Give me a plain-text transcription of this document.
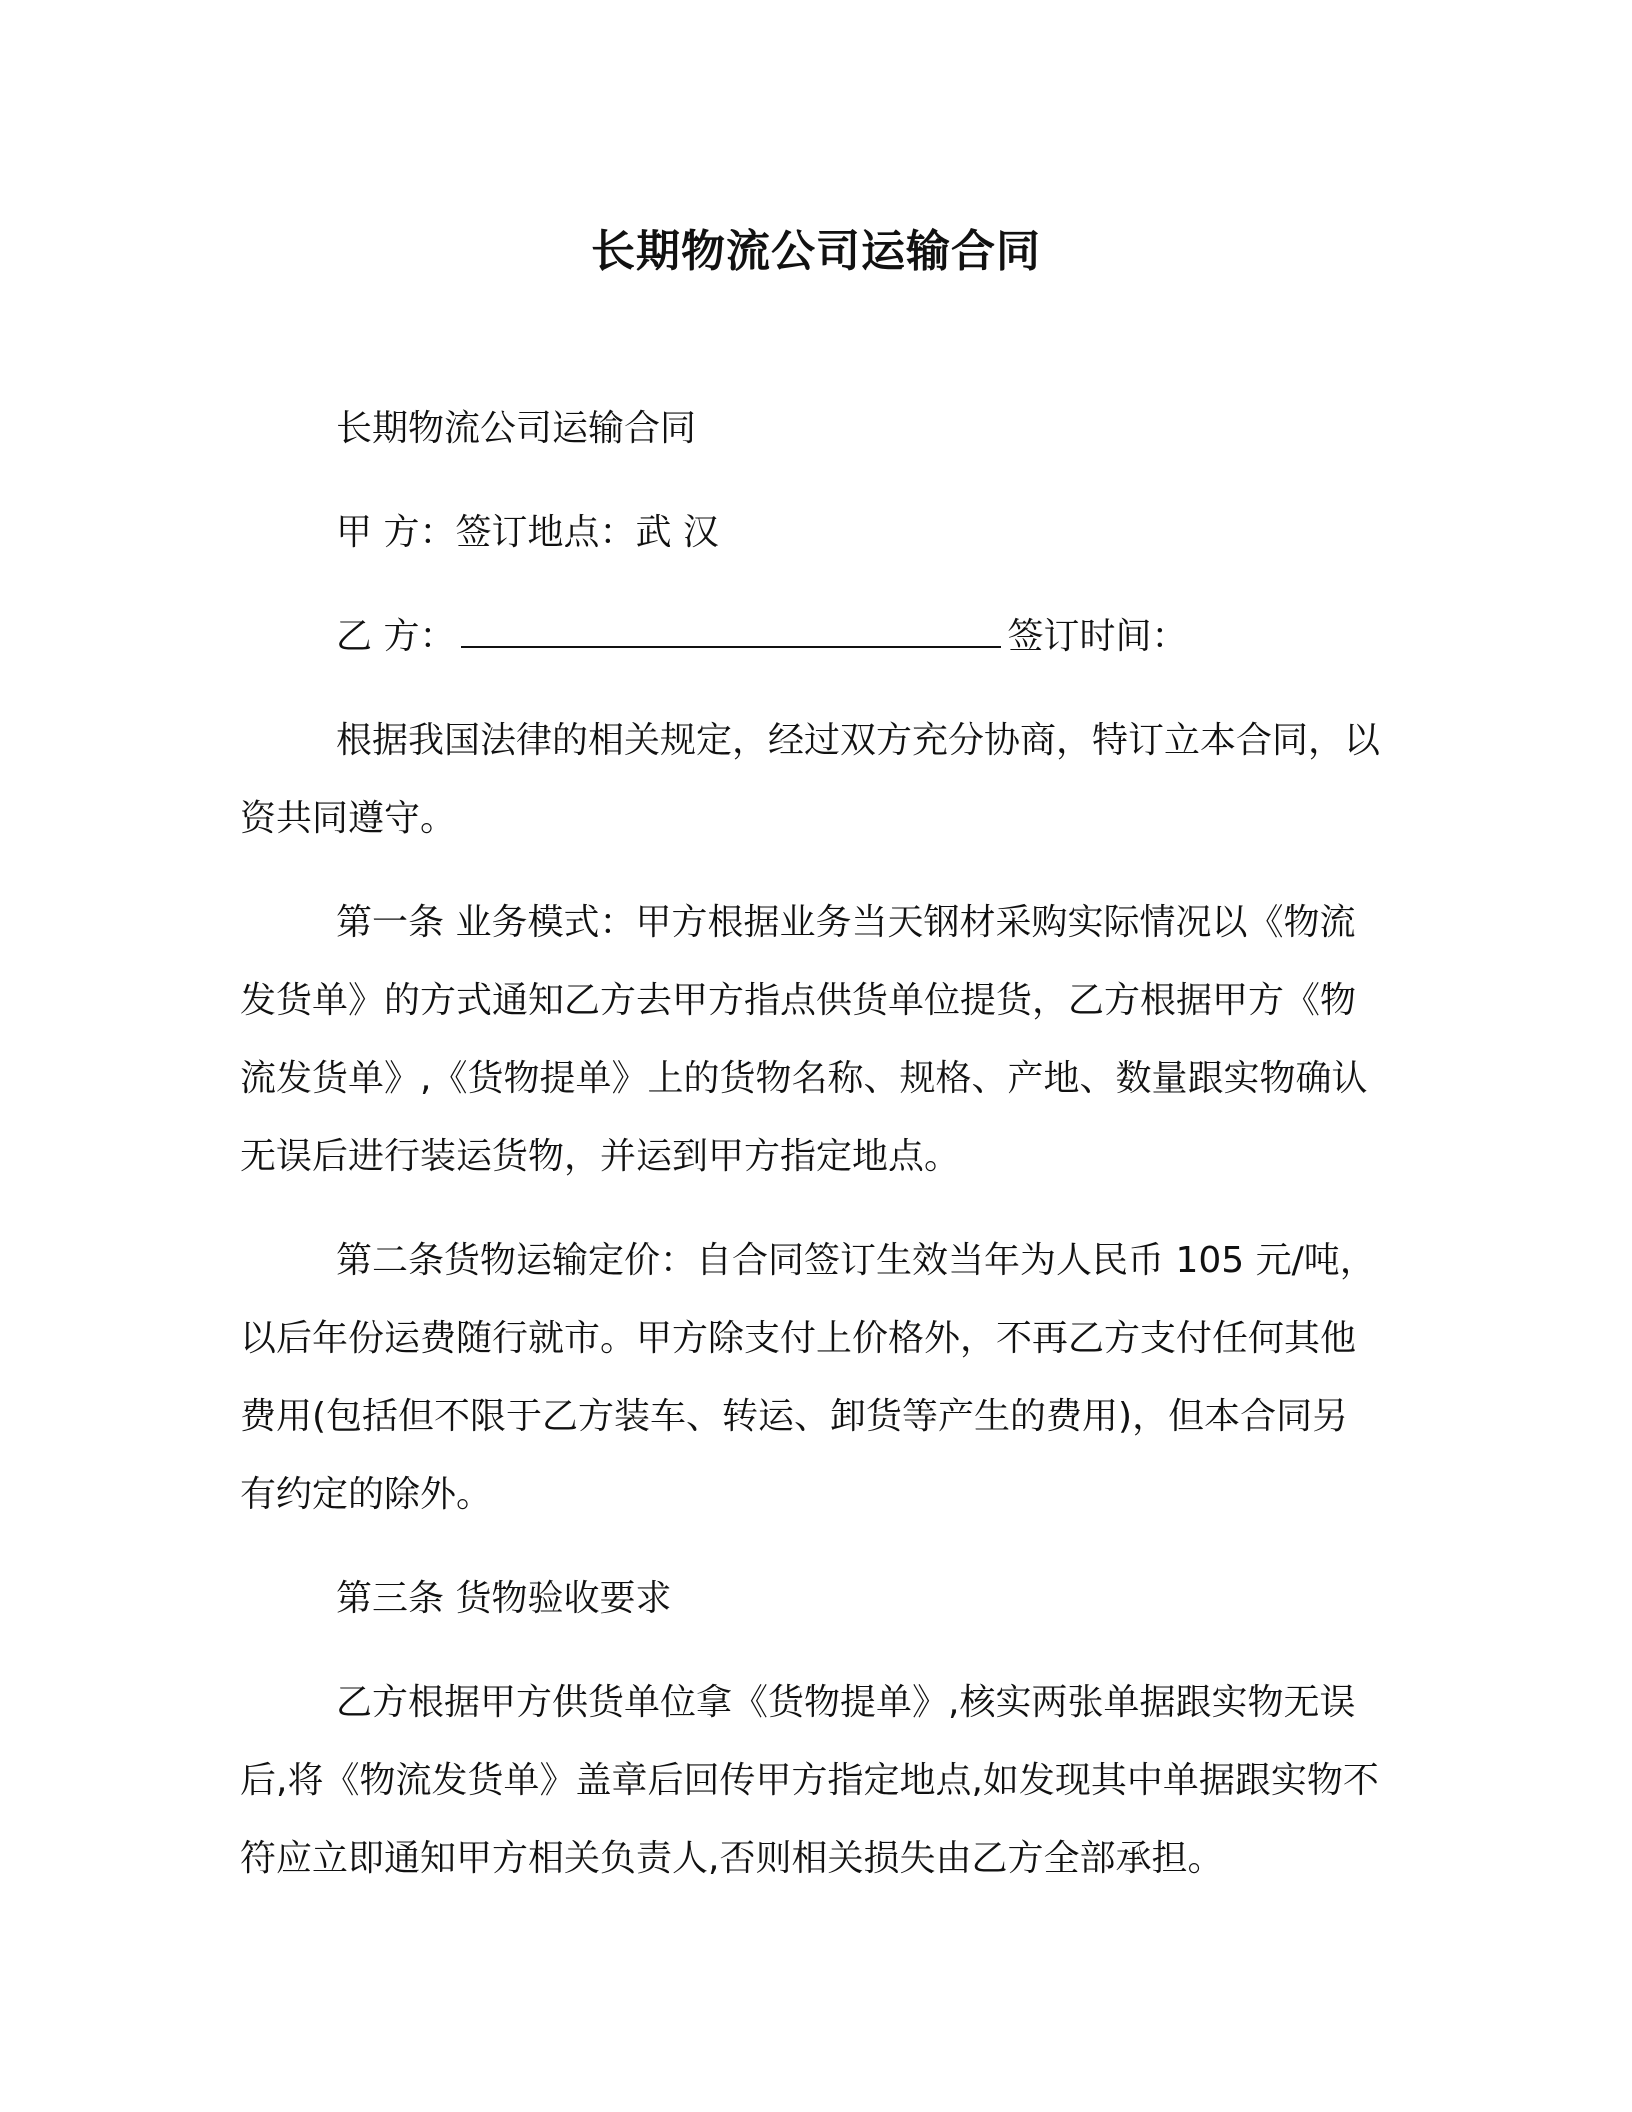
长期物流公司运输合同

长期物流公司运输合同

甲 方：签订地点：武 汉

乙 方：	签订时间：

根据我国法律的相关规定，经过双方充分协商，特订立本合同，以资共同遵守。

第一条 业务模式：甲方根据业务当天钢材采购实际情况以《物流发货单》的方式通知乙方去甲方指点供货单位提货，乙方根据甲方《物流发货单》,《货物提单》上的货物名称、规格、产地、数量跟实物确认无误后进行装运货物，并运到甲方指定地点。

第二条货物运输定价：自合同签订生效当年为人民币 105 元/吨，以后年份运费随行就市。甲方除支付上价格外，不再乙方支付任何其他费用(包括但不限于乙方装车、转运、卸货等产生的费用)，但本合同另有约定的除外。

第三条 货物验收要求

乙方根据甲方供货单位拿《货物提单》,核实两张单据跟实物无误后,将《物流发货单》盖章后回传甲方指定地点,如发现其中单据跟实物不符应立即通知甲方相关负责人,否则相关损失由乙方全部承担。
